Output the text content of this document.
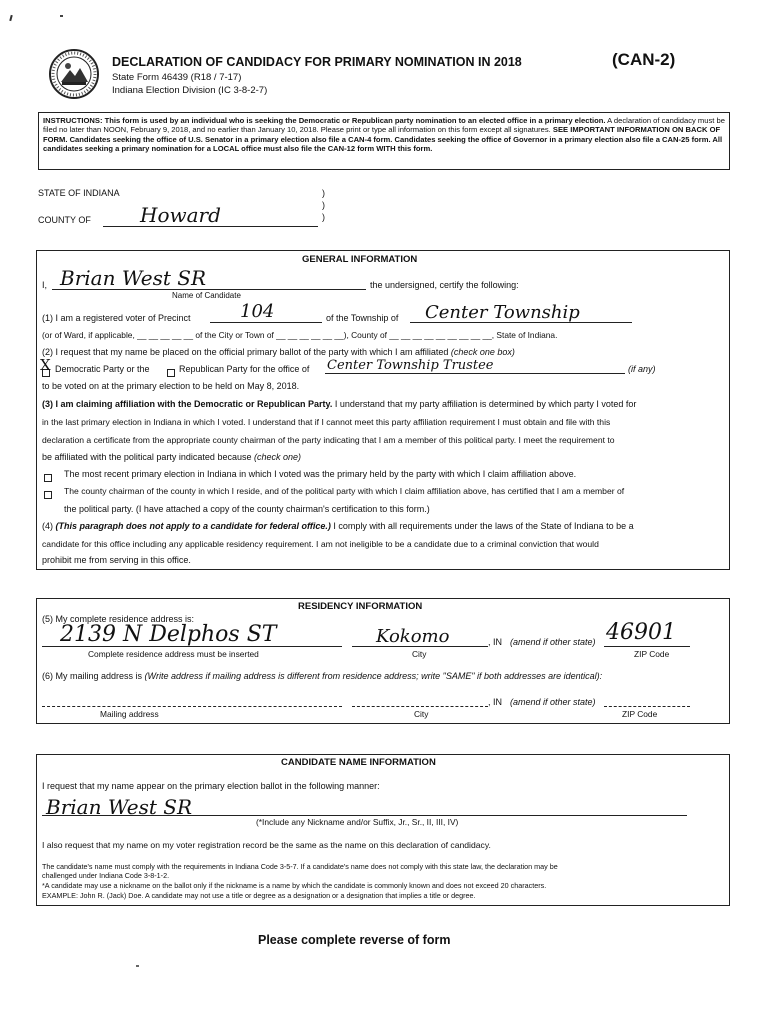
DECLARATION OF CANDIDACY FOR PRIMARY NOMINATION IN 2018	(CAN-2)
State Form 46439 (R18 / 7-17)
Indiana Election Division (IC 3-8-2-7)
INSTRUCTIONS: This form is used by an individual who is seeking the Democratic or Republican party nomination to an elected office in a primary election. A declaration of candidacy must be filed no later than NOON, February 9, 2018, and no earlier than January 10, 2018. Please print or type all information on this form except all signatures. SEE IMPORTANT INFORMATION ON BACK OF FORM. Candidates seeking the office of U.S. Senator in a primary election also file a CAN-4 form. Candidates seeking the office of Governor in a primary election also file a CAN-25 form. All candidates seeking a primary nomination for a LOCAL office must also file the CAN-12 form WITH this form.
STATE OF INDIANA
COUNTY OF Howard
)
)
)
GENERAL INFORMATION
I, Brian West SR	the undersigned, certify the following:
Name of Candidate
(1) I am a registered voter of Precinct	104	of the Township of Center Township
(or of Ward, if applicable, __ __ __ __ __ of the City or Town of __ __ __ __ __ __), County of __ __ __ __ __ __ __ __ __, State of Indiana.
(2) I request that my name be placed on the official primary ballot of the party with which I am affiliated (check one box)
X Democratic Party or the	Republican Party for the office of Center Township Trustee	(if any)
to be voted on at the primary election to be held on May 8, 2018.
(3) I am claiming affiliation with the Democratic or Republican Party. I understand that my party affiliation is determined by which party I voted for
in the last primary election in Indiana in which I voted. I understand that if I cannot meet this party affiliation requirement I must obtain and file with this
declaration a certificate from the appropriate county chairman of the party indicating that I am a member of this political party. I meet the requirement to
be affiliated with the political party indicated because (check one)
The most recent primary election in Indiana in which I voted was the primary held by the party with which I claim affiliation above.
The county chairman of the county in which I reside, and of the political party with which I claim affiliation above, has certified that I am a member of
the political party. (I have attached a copy of the county chairman's certification to this form.)
(4) (This paragraph does not apply to a candidate for federal office.) I comply with all requirements under the laws of the State of Indiana to be a
candidate for this office including any applicable residency requirement. I am not ineligible to be a candidate due to a criminal conviction that would
prohibit me from serving in this office.
RESIDENCY INFORMATION
(5) My complete residence address is:
2139 N Delphos ST	Kokomo	, IN (amend if other state) 46901
Complete residence address must be inserted	City	ZIP Code
(6) My mailing address is (Write address if mailing address is different from residence address; write "SAME" if both addresses are identical):
, IN (amend if other state)
Mailing address	City	ZIP Code
CANDIDATE NAME INFORMATION
I request that my name appear on the primary election ballot in the following manner:
Brian West SR
(*Include any Nickname and/or Suffix, Jr., Sr., II, III, IV)
I also request that my name on my voter registration record be the same as the name on this declaration of candidacy.
The candidate's name must comply with the requirements in Indiana Code 3-5-7. If a candidate's name does not comply with this state law, the declaration may be
challenged under Indiana Code 3-8-1-2.
*A candidate may use a nickname on the ballot only if the nickname is a name by which the candidate is commonly known and does not exceed 20 characters.
EXAMPLE: John R. (Jack) Doe. A candidate may not use a title or degree as a designation or a designation that implies a title or degree.
Please complete reverse of form
